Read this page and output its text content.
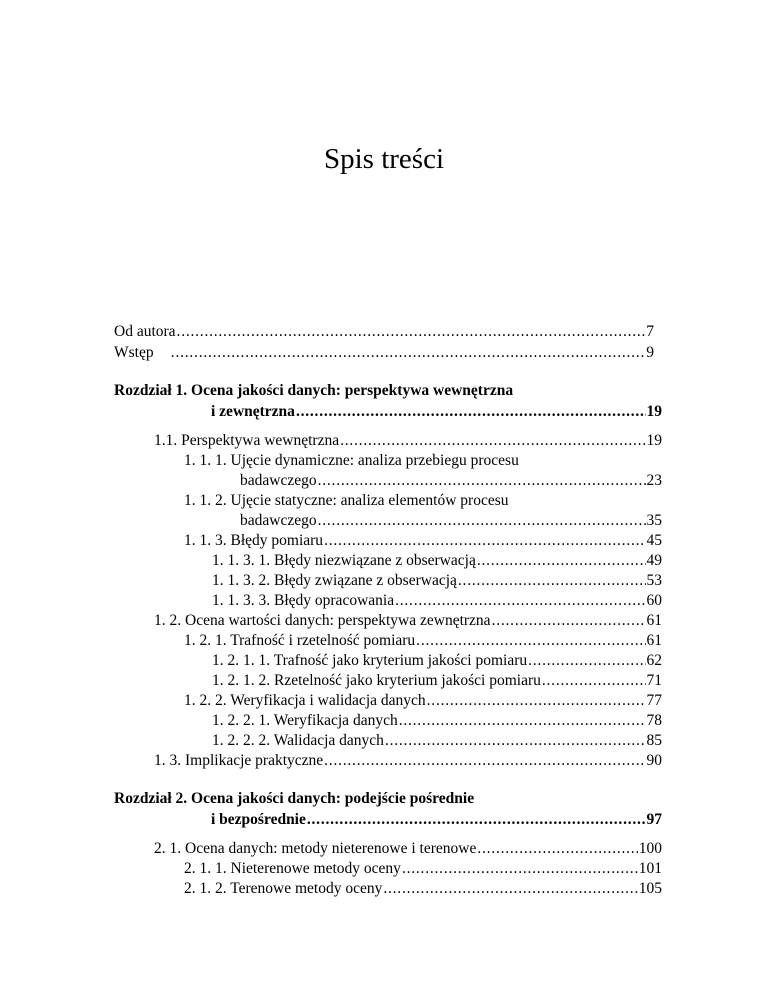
Spis treści
Od autora . . .	7
Wstęp . . .	9
Rozdział 1. Ocena jakości danych: perspektywa wewnętrzna
i zewnętrzna . . .	19
1.1. Perspektywa wewnętrzna . . .	19
1. 1. 1. Ujęcie dynamiczne: analiza przebiegu procesu
badawczego . . .	23
1. 1. 2. Ujęcie statyczne: analiza elementów procesu
badawczego . . .	35
1. 1. 3. Błędy pomiaru . . .	45
1. 1. 3. 1. Błędy niezwiązane z obserwacją . . .	49
1. 1. 3. 2. Błędy związane z obserwacją . . .	53
1. 1. 3. 3. Błędy opracowania . . .	60
1. 2. Ocena wartości danych: perspektywa zewnętrzna . . .	61
1. 2. 1. Trafność i rzetelność pomiaru . . .	61
1. 2. 1. 1. Trafność jako kryterium jakości pomiaru . . .	62
1. 2. 1. 2. Rzetelność jako kryterium jakości pomiaru . . .	71
1. 2. 2. Weryfikacja i walidacja danych . . .	77
1. 2. 2. 1. Weryfikacja danych . . .	78
1. 2. 2. 2. Walidacja danych . . .	85
1. 3. Implikacje praktyczne . . .	90
Rozdział 2. Ocena jakości danych: podejście pośrednie
i bezpośrednie . . .	97
2. 1. Ocena danych: metody nieterenowe i terenowe . . .	100
2. 1. 1. Nieterenowe metody oceny . . .	101
2. 1. 2. Terenowe metody oceny . . .	105
